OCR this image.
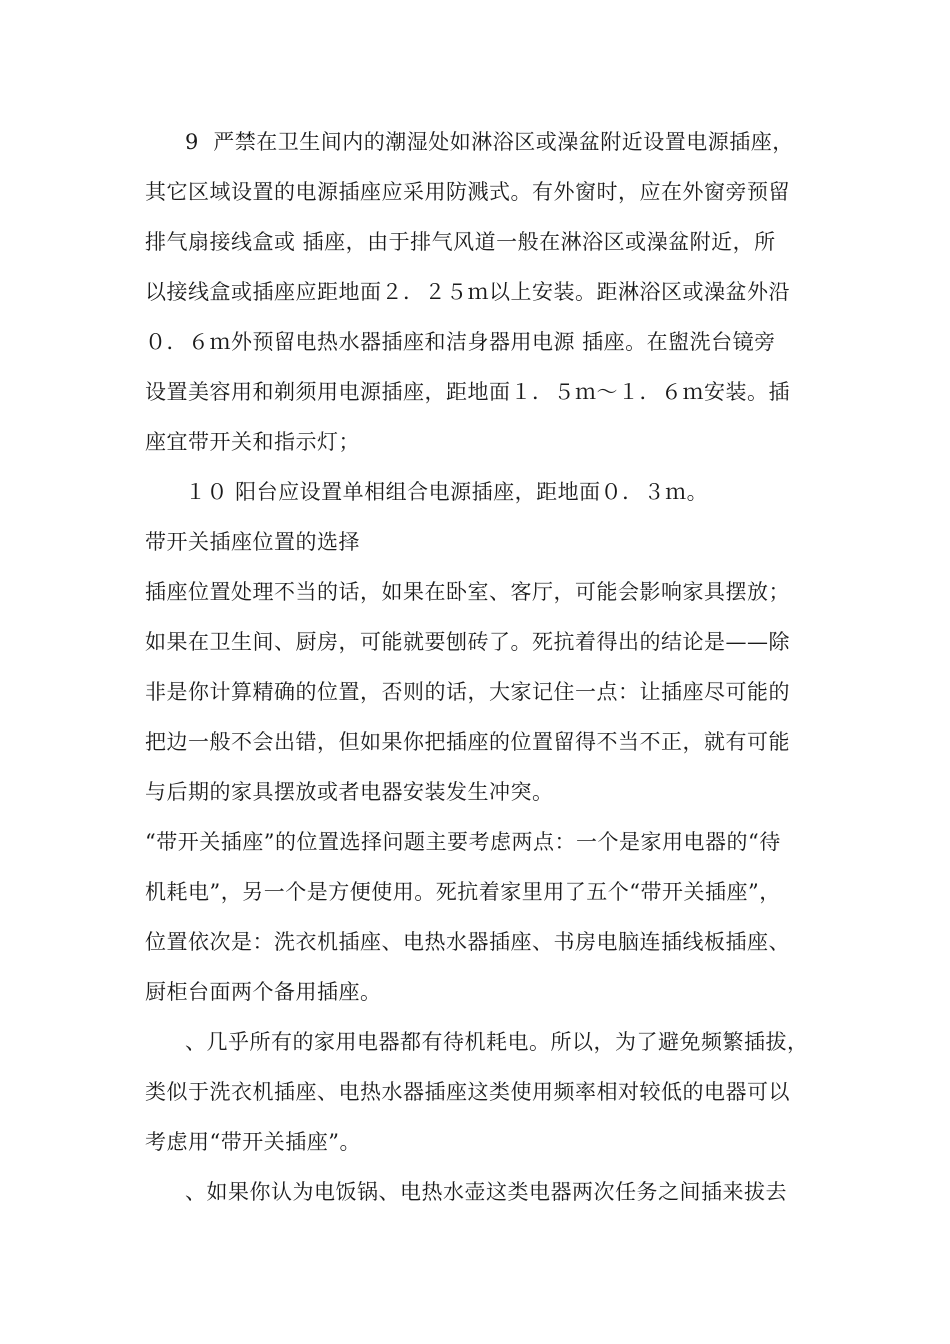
9  严禁在卫生间内的潮湿处如淋浴区或澡盆附近设置电源插座，

其它区域设置的电源插座应采用防溅式。有外窗时，应在外窗旁预留

排气扇接线盒或 插座，由于排气风道一般在淋浴区或澡盆附近，所

以接线盒或插座应距地面２．２５ｍ以上安装。距淋浴区或澡盆外沿

０．６ｍ外预留电热水器插座和洁身器用电源 插座。在盥洗台镜旁

设置美容用和剃须用电源插座，距地面１．５ｍ～１．６ｍ安装。插

座宜带开关和指示灯；

１０ 阳台应设置单相组合电源插座，距地面０．３ｍ。

带开关插座位置的选择

插座位置处理不当的话，如果在卧室、客厅，可能会影响家具摆放；

如果在卫生间、厨房，可能就要刨砖了。死抗着得出的结论是——除

非是你计算精确的位置，否则的话，大家记住一点：让插座尽可能的

把边一般不会出错，但如果你把插座的位置留得不当不正，就有可能

与后期的家具摆放或者电器安装发生冲突。

“带开关插座”的位置选择问题主要考虑两点：一个是家用电器的“待

机耗电”，另一个是方便使用。死抗着家里用了五个“带开关插座”，

位置依次是：洗衣机插座、电热水器插座、书房电脑连插线板插座、

厨柜台面两个备用插座。

、几乎所有的家用电器都有待机耗电。所以，为了避免频繁插拔，

类似于洗衣机插座、电热水器插座这类使用频率相对较低的电器可以

考虑用“带开关插座”。

、如果你认为电饭锅、电热水壶这类电器两次任务之间插来拔去
